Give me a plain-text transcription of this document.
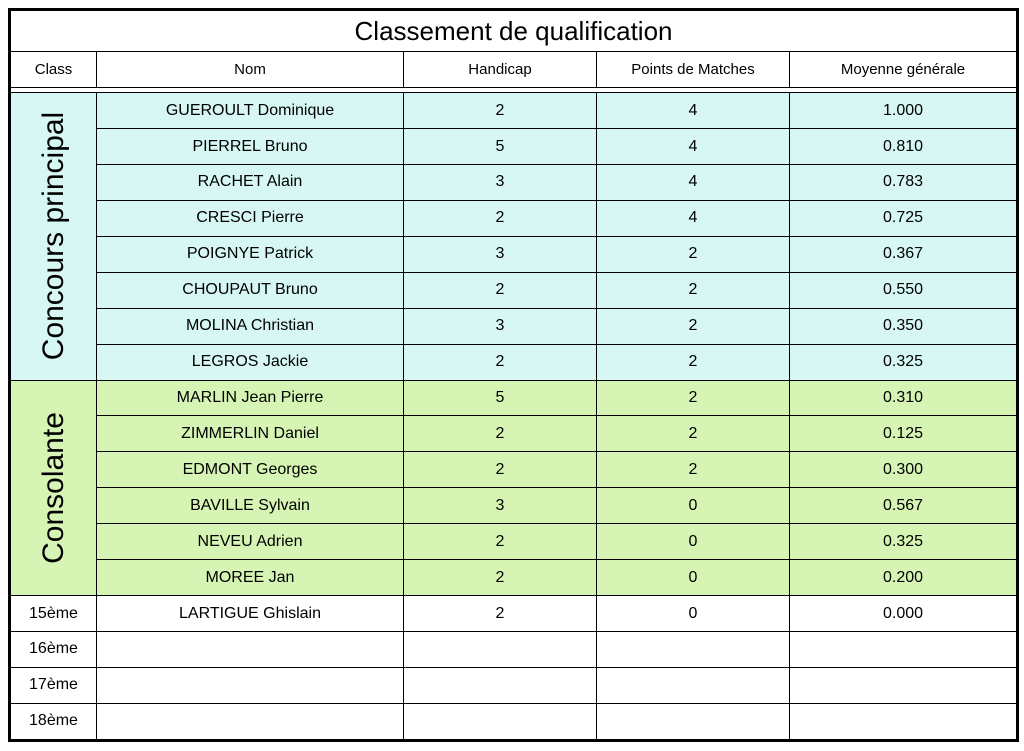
Classement de qualification				
Class	Nom	Handicap	Points de Matches	Moyenne générale

Concours principal	GUEROULT Dominique	2	4	1.000
	PIERREL Bruno	5	4	0.810
	RACHET Alain	3	4	0.783
	CRESCI Pierre	2	4	0.725
	POIGNYE Patrick	3	2	0.367
	CHOUPAUT Bruno	2	2	0.550
	MOLINA Christian	3	2	0.350
	LEGROS Jackie	2	2	0.325

Consolante	MARLIN Jean Pierre	5	2	0.310
	ZIMMERLIN Daniel	2	2	0.125
	EDMONT Georges	2	2	0.300
	BAVILLE Sylvain	3	0	0.567
	NEVEU Adrien	2	0	0.325
	MOREE Jan	2	0	0.200
15ème	LARTIGUE Ghislain	2	0	0.000
16ème				
17ème				
18ème				
